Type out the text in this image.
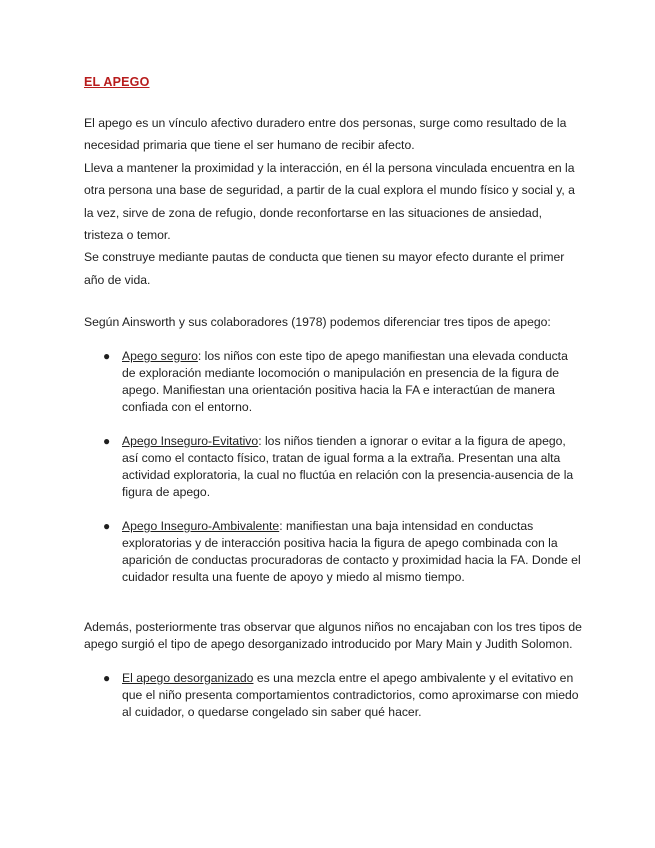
EL APEGO

El apego es un vínculo afectivo duradero entre dos personas, surge como resultado de la necesidad primaria que tiene el ser humano de recibir afecto.

Lleva a mantener la proximidad y la interacción, en él la persona vinculada encuentra en la otra persona una base de seguridad, a partir de la cual explora el mundo físico y social y, a la vez, sirve de zona de refugio, donde reconfortarse en las situaciones de ansiedad, tristeza o temor.

Se construye mediante pautas de conducta que tienen su mayor efecto durante el primer año de vida.

Según Ainsworth y sus colaboradores (1978) podemos diferenciar tres tipos de apego:
● Apego seguro: los niños con este tipo de apego manifiestan una elevada conducta de exploración mediante locomoción o manipulación en presencia de la figura de apego. Manifiestan una orientación positiva hacia la FA e interactúan de manera confiada con el entorno.
● Apego Inseguro-Evitativo: los niños tienden a ignorar o evitar a la figura de apego, así como el contacto físico, tratan de igual forma a la extraña. Presentan una alta actividad exploratoria, la cual no fluctúa en relación con la presencia-ausencia de la figura de apego.
● Apego Inseguro-Ambivalente: manifiestan una baja intensidad en conductas exploratorias y de interacción positiva hacia la figura de apego combinada con la aparición de conductas procuradoras de contacto y proximidad hacia la FA. Donde el cuidador resulta una fuente de apoyo y miedo al mismo tiempo.
Además, posteriormente tras observar que algunos niños no encajaban con los tres tipos de apego surgió el tipo de apego desorganizado introducido por Mary Main y Judith Solomon.
● El apego desorganizado es una mezcla entre el apego ambivalente y el evitativo en que el niño presenta comportamientos contradictorios, como aproximarse con miedo al cuidador, o quedarse congelado sin saber qué hacer.
